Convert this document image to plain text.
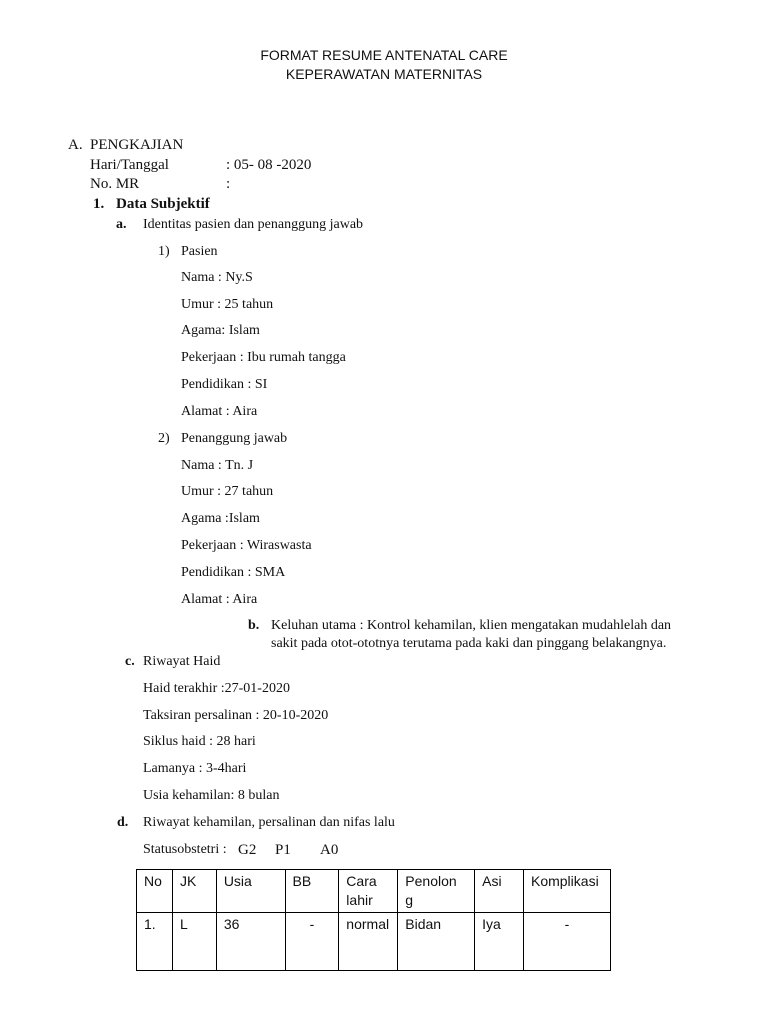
FORMAT RESUME ANTENATAL CARE
KEPERAWATAN MATERNITAS
A. PENGKAJIAN
Hari/Tanggal	: 05- 08 -2020
No. MR	:
1. Data Subjektif
a. Identitas pasien dan penanggung jawab
1) Pasien
Nama : Ny.S
Umur : 25 tahun
Agama: Islam
Pekerjaan : Ibu rumah tangga
Pendidikan : SI
Alamat : Aira
2) Penanggung jawab
Nama : Tn. J
Umur : 27 tahun
Agama :Islam
Pekerjaan : Wiraswasta
Pendidikan : SMA
Alamat : Aira
b. Keluhan utama : Kontrol kehamilan, klien mengatakan mudahlelah dan
sakit pada otot-ototnya terutama pada kaki dan pinggang belakangnya.
c. Riwayat Haid
Haid terakhir :27-01-2020
Taksiran persalinan : 20-10-2020
Siklus haid : 28 hari
Lamanya : 3-4hari
Usia kehamilan: 8 bulan
d. Riwayat kehamilan, persalinan dan nifas lalu
Statusobstetri : G2 P1 A0
No	JK	Usia	BB	Cara lahir	Penolon g	Asi	Komplikasi
1.	L	36	-	normal	Bidan	Iya	-
